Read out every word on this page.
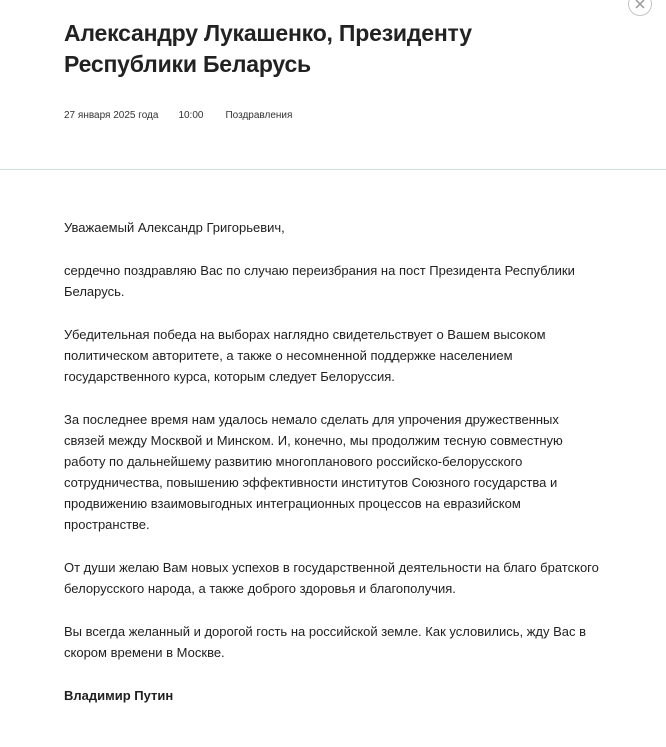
Александру Лукашенко, Президенту Республики Беларусь
27 января 2025 года 10:00 Поздравления

Уважаемый Александр Григорьевич,

сердечно поздравляю Вас по случаю переизбрания на пост Президента Республики Беларусь.

Убедительная победа на выборах наглядно свидетельствует о Вашем высоком политическом авторитете, а также о несомненной поддержке населением государственного курса, которым следует Белоруссия.

За последнее время нам удалось немало сделать для упрочения дружественных связей между Москвой и Минском. И, конечно, мы продолжим тесную совместную работу по дальнейшему развитию многопланового российско-белорусского сотрудничества, повышению эффективности институтов Союзного государства и продвижению взаимовыгодных интеграционных процессов на евразийском пространстве.

От души желаю Вам новых успехов в государственной деятельности на благо братского белорусского народа, а также доброго здоровья и благополучия.

Вы всегда желанный и дорогой гость на российской земле. Как условились, жду Вас в скором времени в Москве.

Владимир Путин
